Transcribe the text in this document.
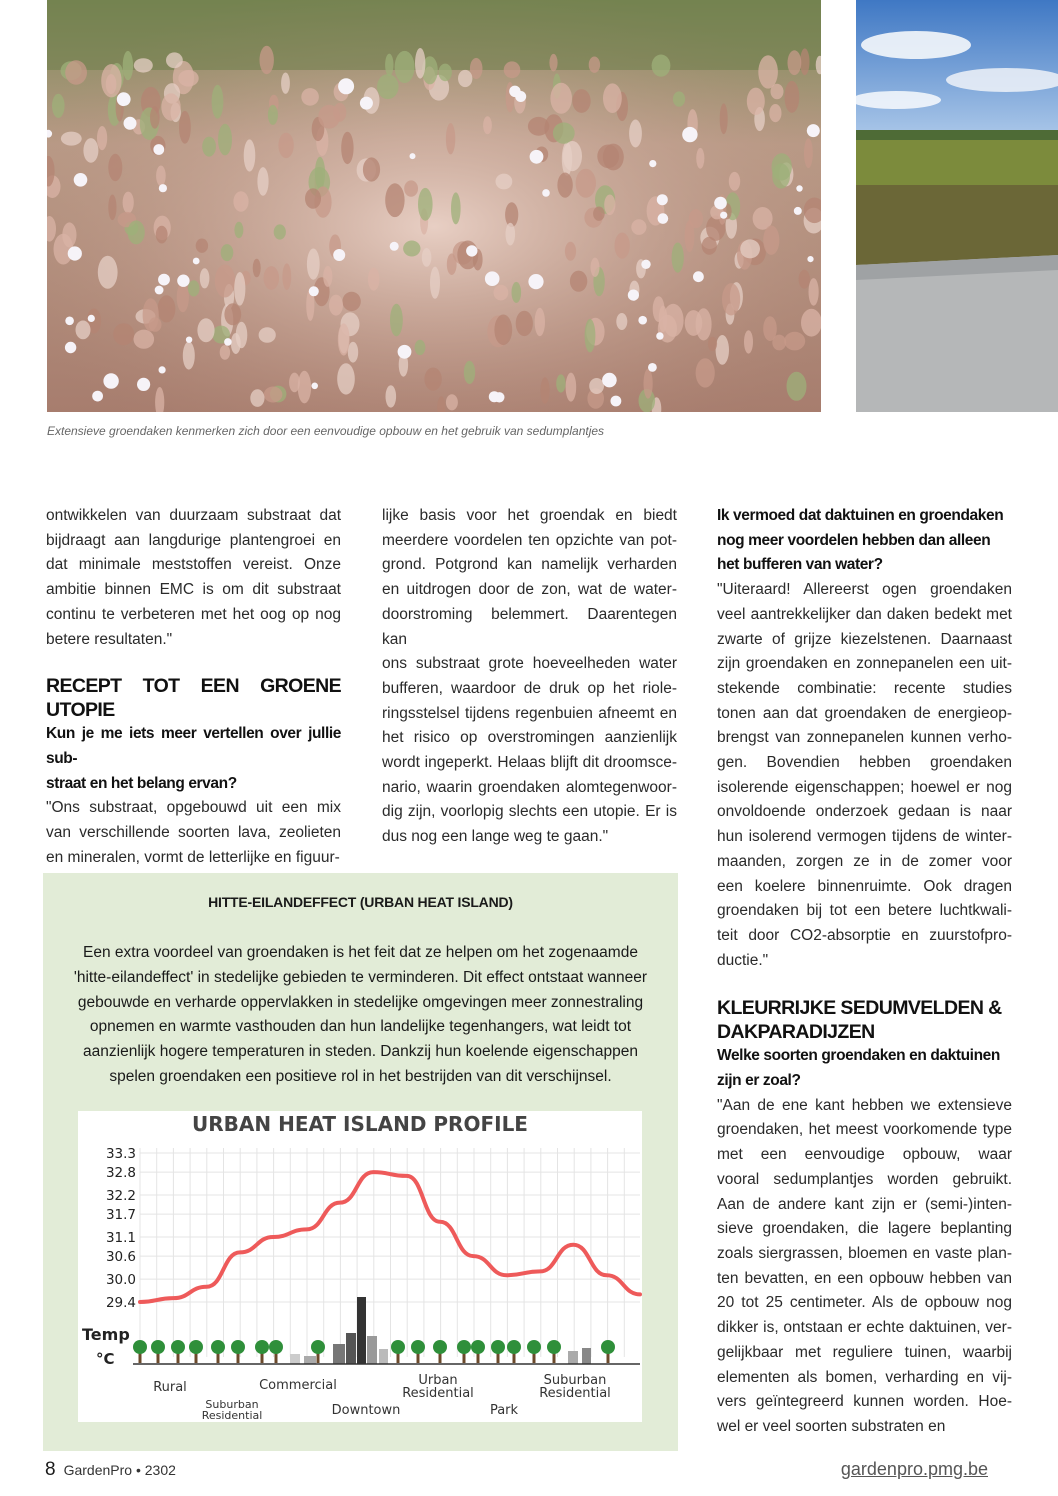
Extensieve groendaken kenmerken zich door een eenvoudige opbouw en het gebruik van sedumplantjes
ontwikkelen van duurzaam substraat dat
bijdraagt aan langdurige plantengroei en
dat minimale meststoffen vereist. Onze
ambitie binnen EMC is om dit substraat
continu te verbeteren met het oog op nog
betere resultaten."
RECEPT TOT EEN GROENE UTOPIE
Kun je me iets meer vertellen over jullie sub-
straat en het belang ervan?
"Ons substraat, opgebouwd uit een mix
van verschillende soorten lava, zeolieten
en mineralen, vormt de letterlijke en figuur-
lijke basis voor het groendak en biedt
meerdere voordelen ten opzichte van pot-
grond. Potgrond kan namelijk verharden
en uitdrogen door de zon, wat de water-
doorstroming belemmert. Daarentegen kan
ons substraat grote hoeveelheden water
bufferen, waardoor de druk op het riole-
ringsstelsel tijdens regenbuien afneemt en
het risico op overstromingen aanzienlijk
wordt ingeperkt. Helaas blijft dit droomsce-
nario, waarin groendaken alomtegenwoor-
dig zijn, voorlopig slechts een utopie. Er is
dus nog een lange weg te gaan."
Ik vermoed dat daktuinen en groendaken
nog meer voordelen hebben dan alleen
het bufferen van water?
"Uiteraard! Allereerst ogen groendaken
veel aantrekkelijker dan daken bedekt met
zwarte of grijze kiezelstenen. Daarnaast
zijn groendaken en zonnepanelen een uit-
stekende combinatie: recente studies
tonen aan dat groendaken de energieop-
brengst van zonnepanelen kunnen verho-
gen. Bovendien hebben groendaken
isolerende eigenschappen; hoewel er nog
onvoldoende onderzoek gedaan is naar
hun isolerend vermogen tijdens de winter-
maanden, zorgen ze in de zomer voor
een koelere binnenruimte. Ook dragen
groendaken bij tot een betere luchtkwali-
teit door CO2-absorptie en zuurstofpro-
ductie."
KLEURRIJKE SEDUMVELDEN &
DAKPARADIJZEN
Welke soorten groendaken en daktuinen
zijn er zoal?
"Aan de ene kant hebben we extensieve
groendaken, het meest voorkomende type
met een eenvoudige opbouw, waar
vooral sedumplantjes worden gebruikt.
Aan de andere kant zijn er (semi-)inten-
sieve groendaken, die lagere beplanting
zoals siergrassen, bloemen en vaste plan-
ten bevatten, en een opbouw hebben van
20 tot 25 centimeter. Als de opbouw nog
dikker is, ontstaan er echte daktuinen, ver-
gelijkbaar met reguliere tuinen, waarbij
elementen als bomen, verharding en vij-
vers geïntegreerd kunnen worden. Hoe-
wel er veel soorten substraten en
HITTE-EILANDEFFECT (URBAN HEAT ISLAND)
Een extra voordeel van groendaken is het feit dat ze helpen om het zogenaamde
'hitte-eilandeffect' in stedelijke gebieden te verminderen. Dit effect ontstaat wanneer
gebouwde en verharde oppervlakken in stedelijke omgevingen meer zonnestraling
opnemen en warmte vasthouden dan hun landelijke tegenhangers, wat leidt tot
aanzienlijk hogere temperaturen in steden. Dankzij hun koelende eigenschappen
spelen groendaken een positieve rol in het bestrijden van dit verschijnsel.
URBAN HEAT ISLAND PROFILE
33.3
32.8
32.2
31.7
31.1
30.6
30.0
29.4
Temp
°C
Rural
Suburban Residential
Commercial
Downtown
Urban Residential
Park
Suburban Residential
8 GardenPro • 2302	gardenpro.pmg.be
